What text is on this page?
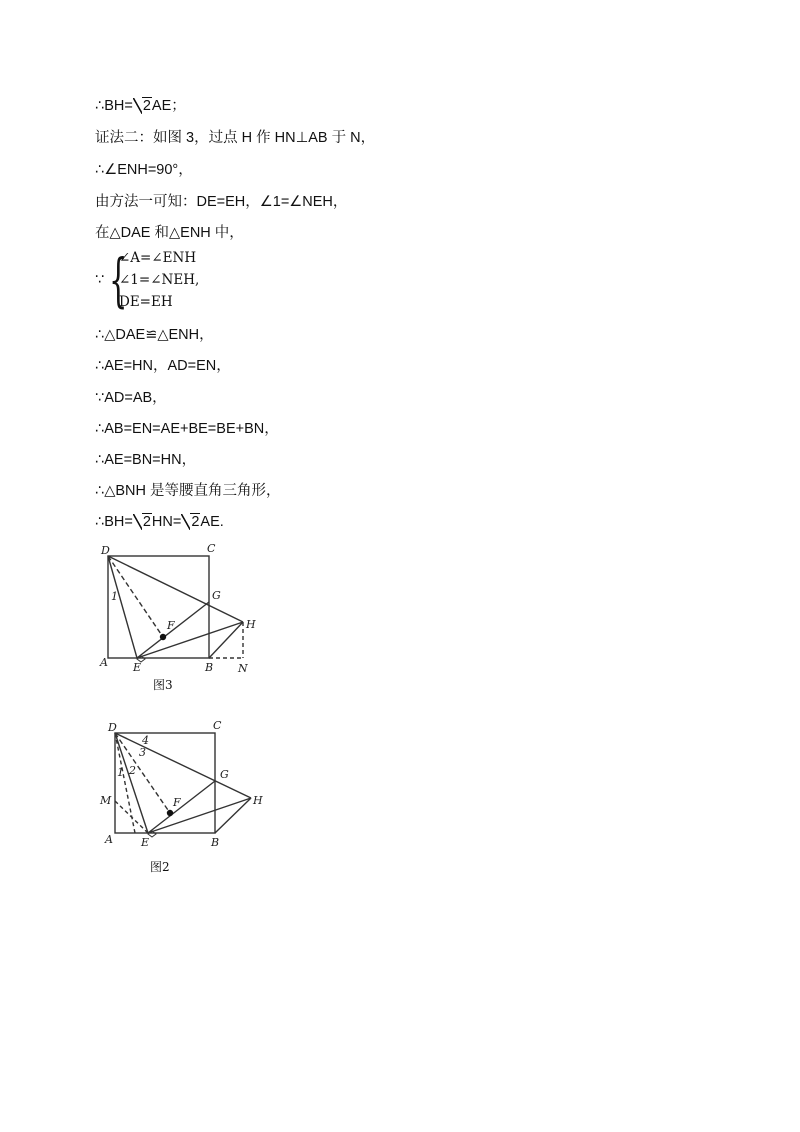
∴BH= 2AE；
证法二：如图 3，过点 H 作 HN⊥AB 于 N，
∴∠ENH=90°，
由方法一可知：DE=EH，∠1=∠NEH，
在△DAE 和△ENH 中，
∵ {
∠A=∠ENH
∠1=∠NEH,
DE=EH
∴△DAE≌△ENH，
∴AE=HN，AD=EN，
∵AD=AB，
∴AB=EN=AE+BE=BE+BN，
∴AE=BN=HN，
∴△BNH 是等腰直角三角形，
∴BH= 2HN= 2AE.
D	C
G
H
F
1
A E	B N
图3
D	C
4
3
2
1	G
H
F
M
A	E	B
图2
